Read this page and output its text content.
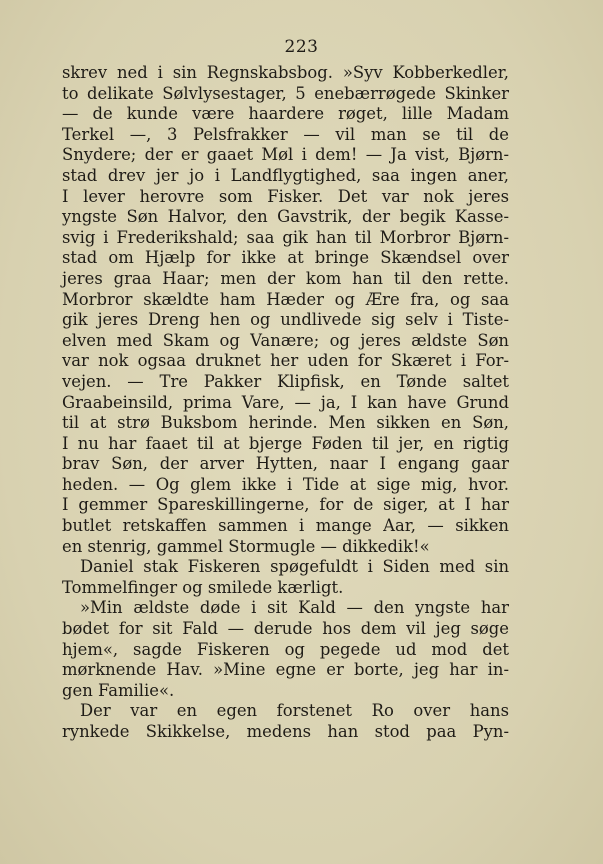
223
skrev ned i sin Regnskabsbog. »Syv Kobberkedler,
to delikate Sølvlysestager, 5 enebærrøgede Skinker
— de kunde være haardere røget, lille Madam
Terkel —, 3 Pelsfrakker — vil man se til de
Snydere; der er gaaet Møl i dem! — Ja vist, Bjørn-
stad drev jer jo i Landflygtighed, saa ingen aner,
I lever herovre som Fisker. Det var nok jeres
yngste Søn Halvor, den Gavstrik, der begik Kasse-
svig i Frederikshald; saa gik han til Morbror Bjørn-
stad om Hjælp for ikke at bringe Skændsel over
jeres graa Haar; men der kom han til den rette.
Morbror skældte ham Hæder og Ære fra, og saa
gik jeres Dreng hen og undlivede sig selv i Tiste-
elven med Skam og Vanære; og jeres ældste Søn
var nok ogsaa druknet her uden for Skæret i For-
vejen. — Tre Pakker Klipfisk, en Tønde saltet
Graabeinsild, prima Vare, — ja, I kan have Grund
til at strø Buksbom herinde. Men sikken en Søn,
I nu har faaet til at bjerge Føden til jer, en rigtig
brav Søn, der arver Hytten, naar I engang gaar
heden. — Og glem ikke i Tide at sige mig, hvor.
I gemmer Spareskillingerne, for de siger, at I har
butlet retskaffen sammen i mange Aar, — sikken
en stenrig, gammel Stormugle — dikkedik!«
Daniel stak Fiskeren spøgefuldt i Siden med sin
Tommelfinger og smilede kærligt.
»Min ældste døde i sit Kald — den yngste har
bødet for sit Fald — derude hos dem vil jeg søge
hjem«, sagde Fiskeren og pegede ud mod det
mørknende Hav. »Mine egne er borte, jeg har in-
gen Familie«.
Der var en egen forstenet Ro over hans
rynkede Skikkelse, medens han stod paa Pyn-
